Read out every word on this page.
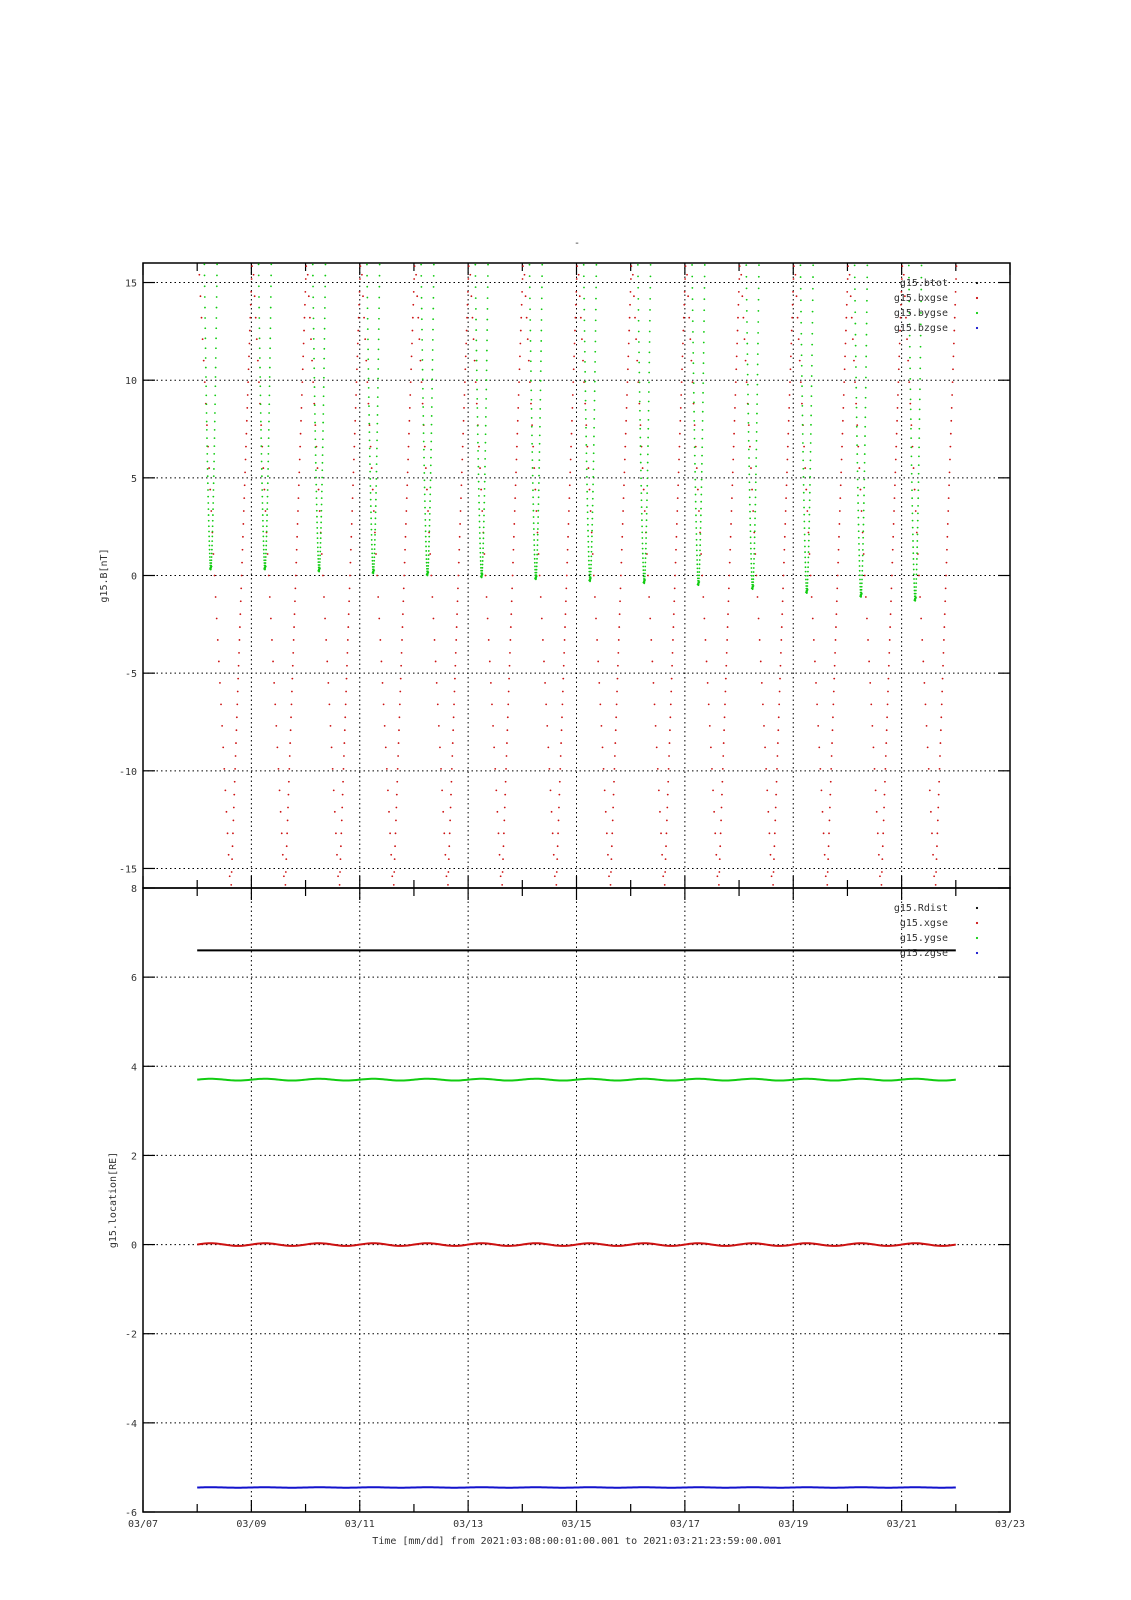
-
15
10
5
0
-5
-10
-15
g15.B[nT]
g15.btot
g15.bxgse
g15.bygse
g15.bzgse
8
6
4
2
0
-2
-4
-6
03/07	03/09	03/11	03/13	03/15	03/17	03/19	03/21	03/23
g15.location[RE]
g15.Rdist
g15.xgse
g15.ygse
g15.zgse
Time [mm/dd] from 2021:03:08:00:01:00.001 to 2021:03:21:23:59:00.001
